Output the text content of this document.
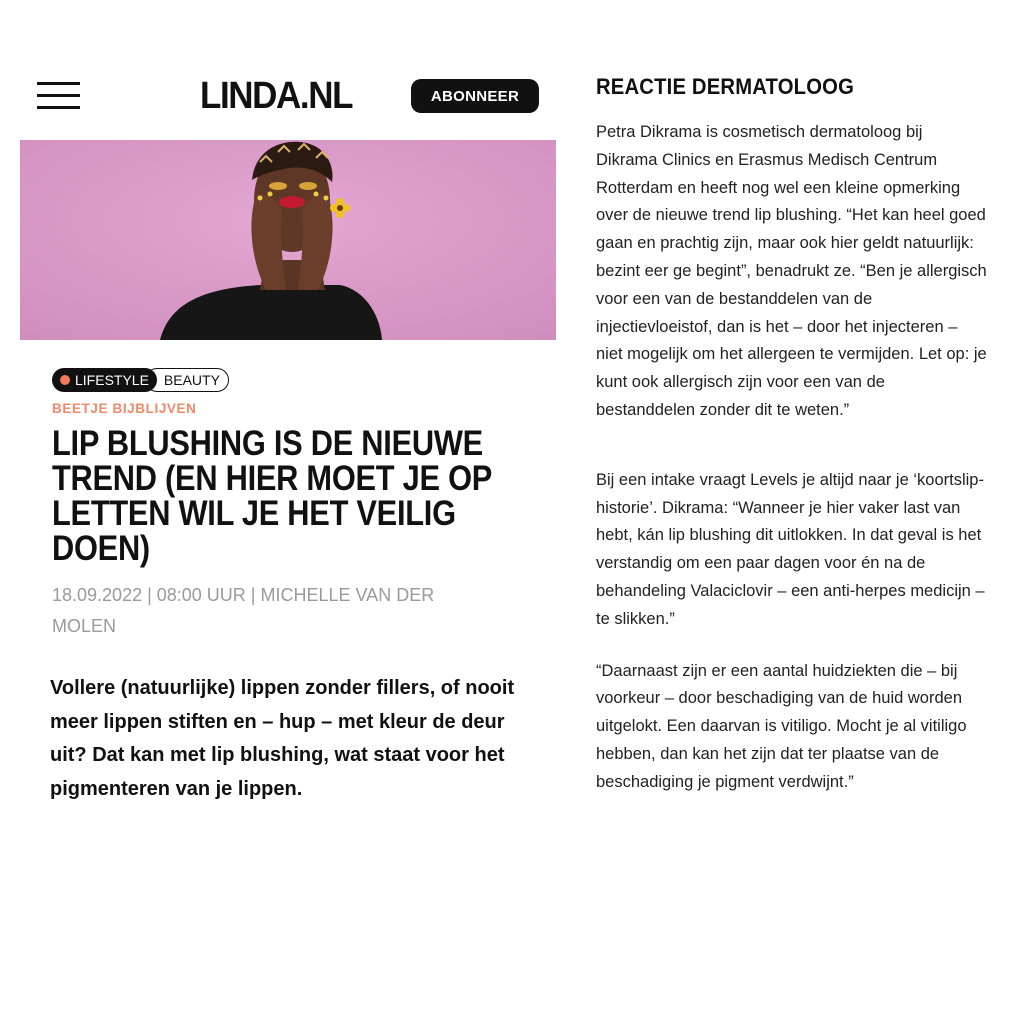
LINDA.NL	ABONNEER
LIFESTYLE BEAUTY
BEETJE BIJBLIJVEN
LIP BLUSHING IS DE NIEUWE TREND (EN HIER MOET JE OP LETTEN WIL JE HET VEILIG DOEN)
18.09.2022 | 08:00 UUR | MICHELLE VAN DER MOLEN
Vollere (natuurlijke) lippen zonder fillers, of nooit meer lippen stiften en – hup – met kleur de deur uit? Dat kan met lip blushing, wat staat voor het pigmenteren van je lippen.
REACTIE DERMATOLOOG
Petra Dikrama is cosmetisch dermatoloog bij Dikrama Clinics en Erasmus Medisch Centrum Rotterdam en heeft nog wel een kleine opmerking over de nieuwe trend lip blushing. “Het kan heel goed gaan en prachtig zijn, maar ook hier geldt natuurlijk: bezint eer ge begint”, benadrukt ze. “Ben je allergisch voor een van de bestanddelen van de injectievloeistof, dan is het – door het injecteren – niet mogelijk om het allergeen te vermijden. Let op: je kunt ook allergisch zijn voor een van de bestanddelen zonder dit te weten.”
Bij een intake vraagt Levels je altijd naar je ‘koortslip-historie’. Dikrama: “Wanneer je hier vaker last van hebt, kán lip blushing dit uitlokken. In dat geval is het verstandig om een paar dagen voor én na de behandeling Valaciclovir – een anti-herpes medicijn – te slikken.”
“Daarnaast zijn er een aantal huidziekten die – bij voorkeur – door beschadiging van de huid worden uitgelokt. Een daarvan is vitiligo. Mocht je al vitiligo hebben, dan kan het zijn dat ter plaatse van de beschadiging je pigment verdwijnt.”
